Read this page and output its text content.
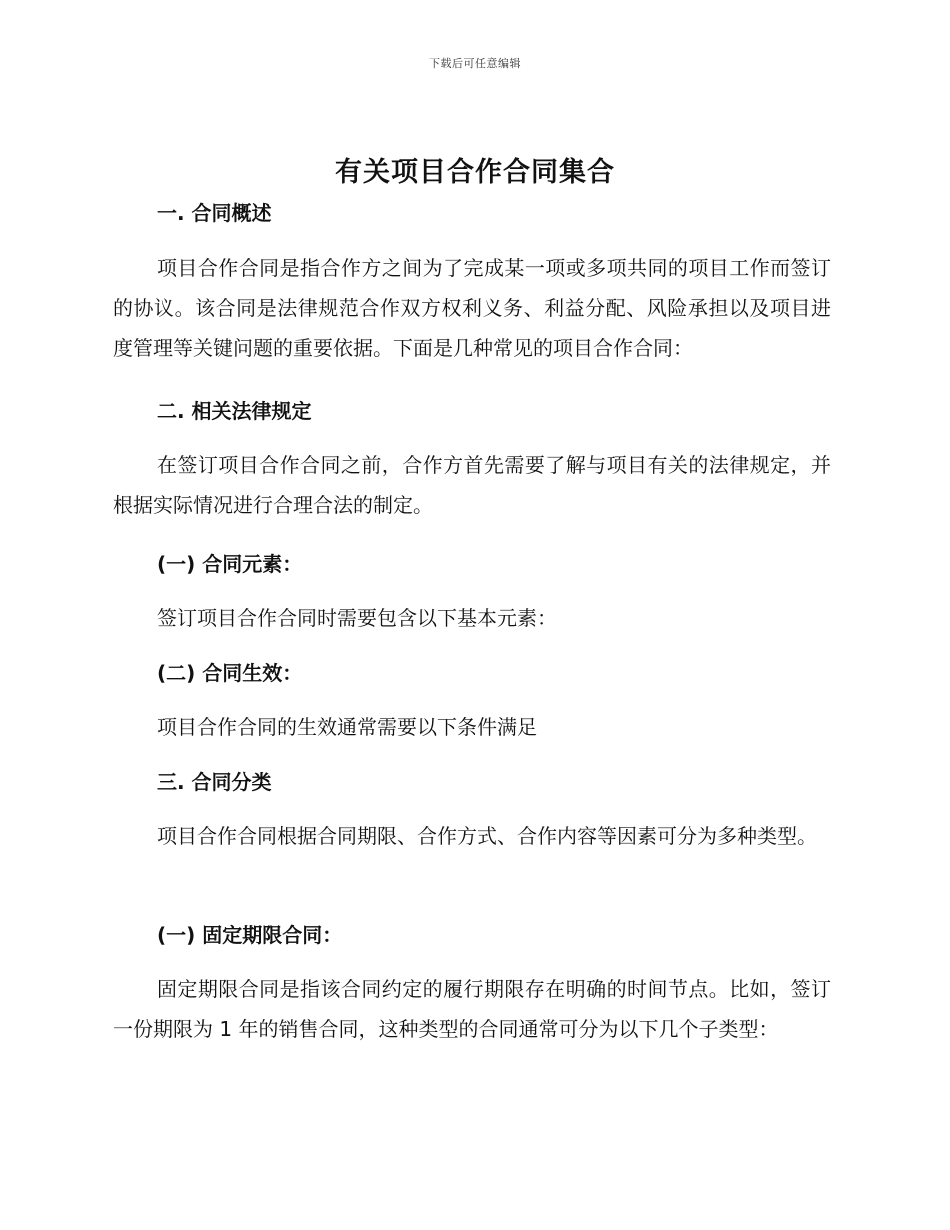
下载后可任意编辑
有关项目合作合同集合
一. 合同概述

项目合作合同是指合作方之间为了完成某一项或多项共同的项目工作而签订的协议。该合同是法律规范合作双方权利义务、利益分配、风险承担以及项目进度管理等关键问题的重要依据。下面是几种常见的项目合作合同：

二. 相关法律规定

在签订项目合作合同之前，合作方首先需要了解与项目有关的法律规定，并根据实际情况进行合理合法的制定。

(一) 合同元素：

签订项目合作合同时需要包含以下基本元素：

(二) 合同生效：

项目合作合同的生效通常需要以下条件满足

三. 合同分类

项目合作合同根据合同期限、合作方式、合作内容等因素可分为多种类型。

(一) 固定期限合同：

固定期限合同是指该合同约定的履行期限存在明确的时间节点。比如，签订一份期限为 1 年的销售合同，这种类型的合同通常可分为以下几个子类型：
